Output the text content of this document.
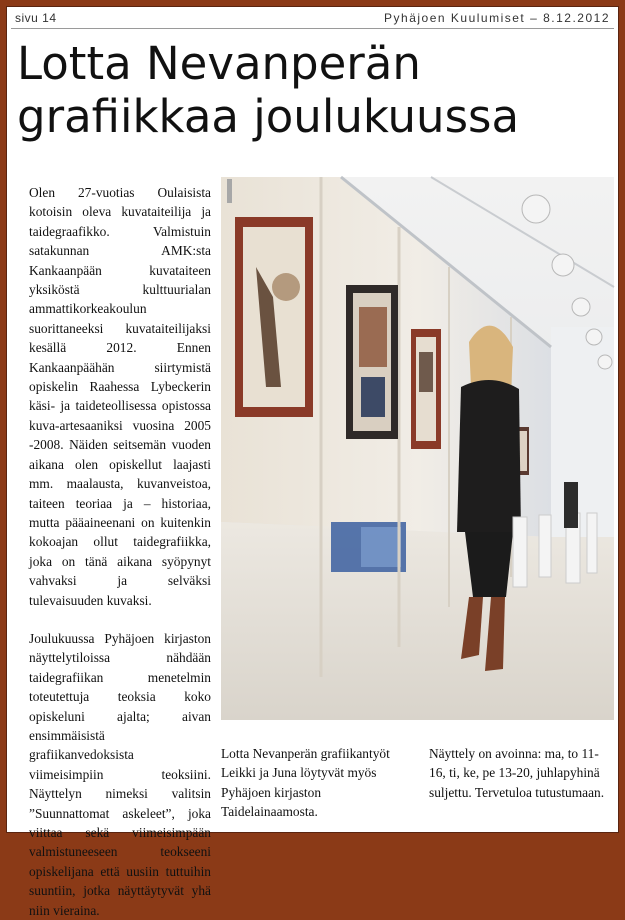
sivu 14	Pyhäjoen Kuulumiset – 8.12.2012
Lotta Nevanperän grafiikkaa joulukuussa

Olen 27-vuotias Oulaisista kotoisin oleva kuvataiteilija ja taidegraafikko. Valmistuin satakunnan AMK:sta Kankaanpään kuvataiteen yksiköstä kulttuurialan ammattikorkeakoulun suorittaneeksi kuvataiteilijaksi kesällä 2012. Ennen Kankaanpäähän siirtymistä opiskelin Raahessa Lybeckerin käsi- ja taideteollisessa opistossa kuva-artesaaniksi vuosina 2005 -2008. Näiden seitsemän vuoden aikana olen opiskellut laajasti mm. maalausta, kuvanveistoa, taiteen teoriaa ja – historiaa, mutta pääaineenani on kuitenkin kokoajan ollut taidegrafiikka, joka on tänä aikana syöpynyt vahvaksi ja selväksi tulevaisuuden kuvaksi.

Joulukuussa Pyhäjoen kirjaston näyttelytiloissa nähdään taidegrafiikan menetelmin toteutettuja teoksia koko opiskeluni ajalta; aivan ensimmäisistä grafiikanvedoksista viimeisimpiin teoksiini. Näyttelyn nimeksi valitsin ”Suunnattomat askeleet”, joka viittaa sekä viimeisimpään valmistuneeseen teokseeni opiskelijana että uusiin tuttuihin suuntiin, jotka näyttäytyvät yhä niin vieraina.

Lotta Nevanperän grafiikantyöt Leikki ja Juna löytyvät myös Pyhäjoen kirjaston Taidelainaamosta.

Näyttely on avoinna: ma, to 11-16, ti, ke, pe 13-20, juhlapyhinä suljettu. Tervetuloa tutustumaan.
